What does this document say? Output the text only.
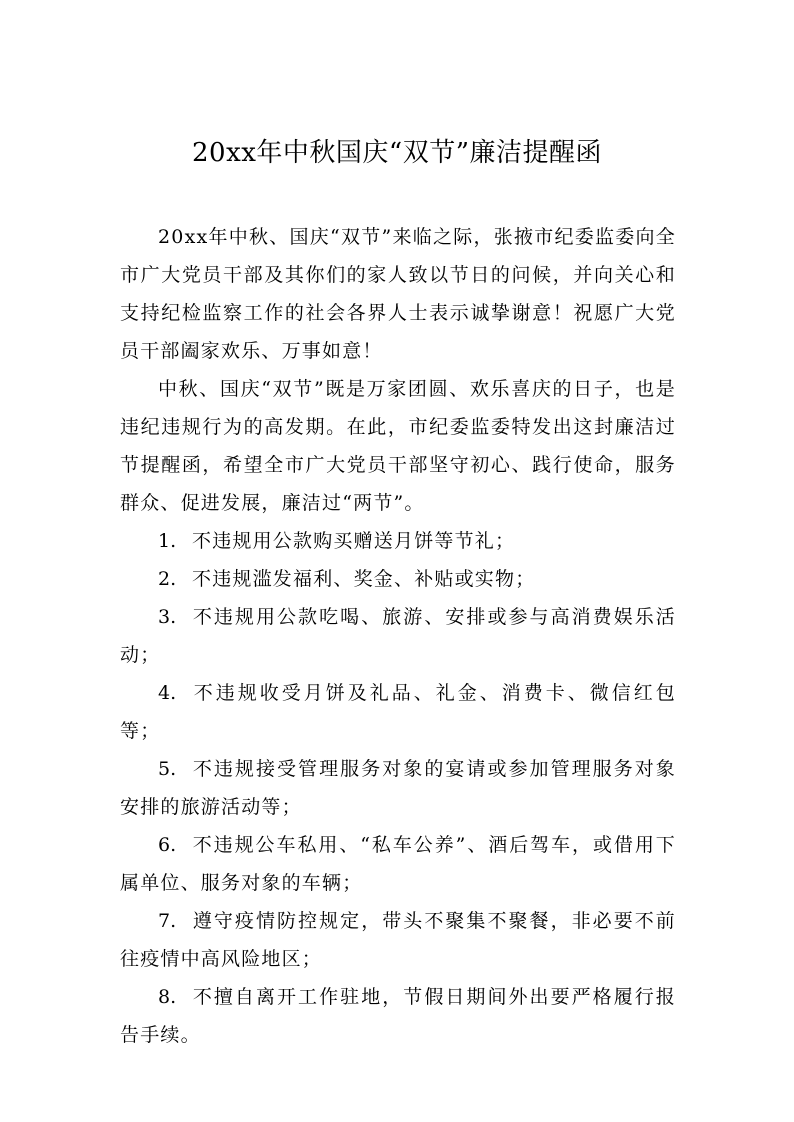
20xx年中秋国庆“双节”廉洁提醒函

20xx年中秋、国庆“双节”来临之际，张掖市纪委监委向全市广大党员干部及其你们的家人致以节日的问候，并向关心和支持纪检监察工作的社会各界人士表示诚挚谢意！祝愿广大党员干部阖家欢乐、万事如意！

中秋、国庆“双节”既是万家团圆、欢乐喜庆的日子，也是违纪违规行为的高发期。在此，市纪委监委特发出这封廉洁过节提醒函，希望全市广大党员干部坚守初心、践行使命，服务群众、促进发展，廉洁过“两节”。

1. 不违规用公款购买赠送月饼等节礼；

2. 不违规滥发福利、奖金、补贴或实物；

3. 不违规用公款吃喝、旅游、安排或参与高消费娱乐活动；

4. 不违规收受月饼及礼品、礼金、消费卡、微信红包等；

5. 不违规接受管理服务对象的宴请或参加管理服务对象安排的旅游活动等；

6. 不违规公车私用、“私车公养”、酒后驾车，或借用下属单位、服务对象的车辆；

7. 遵守疫情防控规定，带头不聚集不聚餐，非必要不前往疫情中高风险地区；

8. 不擅自离开工作驻地，节假日期间外出要严格履行报告手续。
